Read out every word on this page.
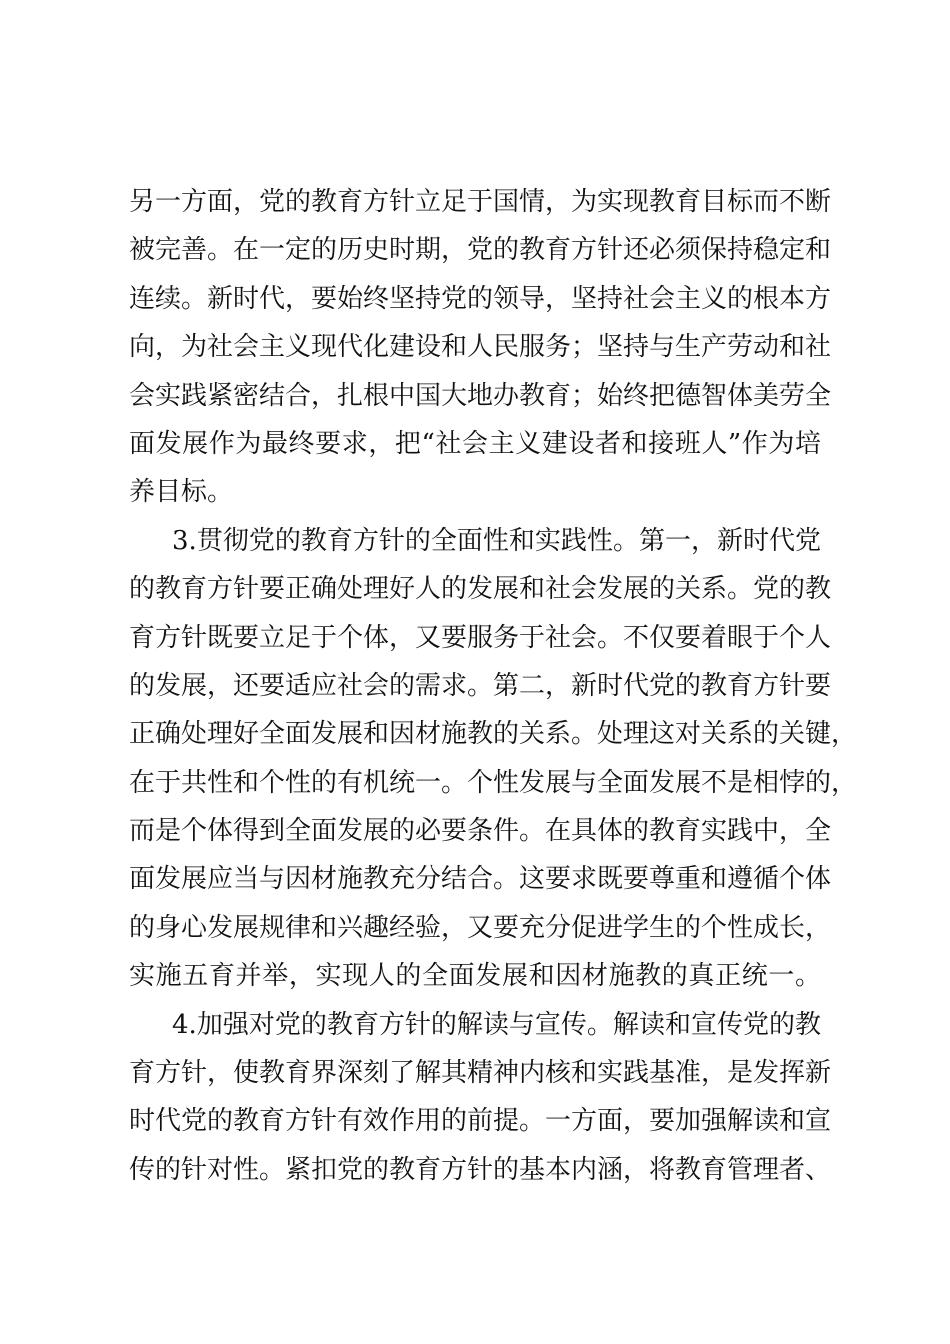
另一方面，党的教育方针立足于国情，为实现教育目标而不断
被完善。在一定的历史时期，党的教育方针还必须保持稳定和
连续。新时代，要始终坚持党的领导，坚持社会主义的根本方
向，为社会主义现代化建设和人民服务；坚持与生产劳动和社
会实践紧密结合，扎根中国大地办教育；始终把德智体美劳全
面发展作为最终要求，把“社会主义建设者和接班人”作为培
养目标。
3.贯彻党的教育方针的全面性和实践性。第一，新时代党
的教育方针要正确处理好人的发展和社会发展的关系。党的教
育方针既要立足于个体，又要服务于社会。不仅要着眼于个人
的发展，还要适应社会的需求。第二，新时代党的教育方针要
正确处理好全面发展和因材施教的关系。处理这对关系的关键，
在于共性和个性的有机统一。个性发展与全面发展不是相悖的，
而是个体得到全面发展的必要条件。在具体的教育实践中，全
面发展应当与因材施教充分结合。这要求既要尊重和遵循个体
的身心发展规律和兴趣经验，又要充分促进学生的个性成长，
实施五育并举，实现人的全面发展和因材施教的真正统一。
4.加强对党的教育方针的解读与宣传。解读和宣传党的教
育方针，使教育界深刻了解其精神内核和实践基准，是发挥新
时代党的教育方针有效作用的前提。一方面，要加强解读和宣
传的针对性。紧扣党的教育方针的基本内涵，将教育管理者、
